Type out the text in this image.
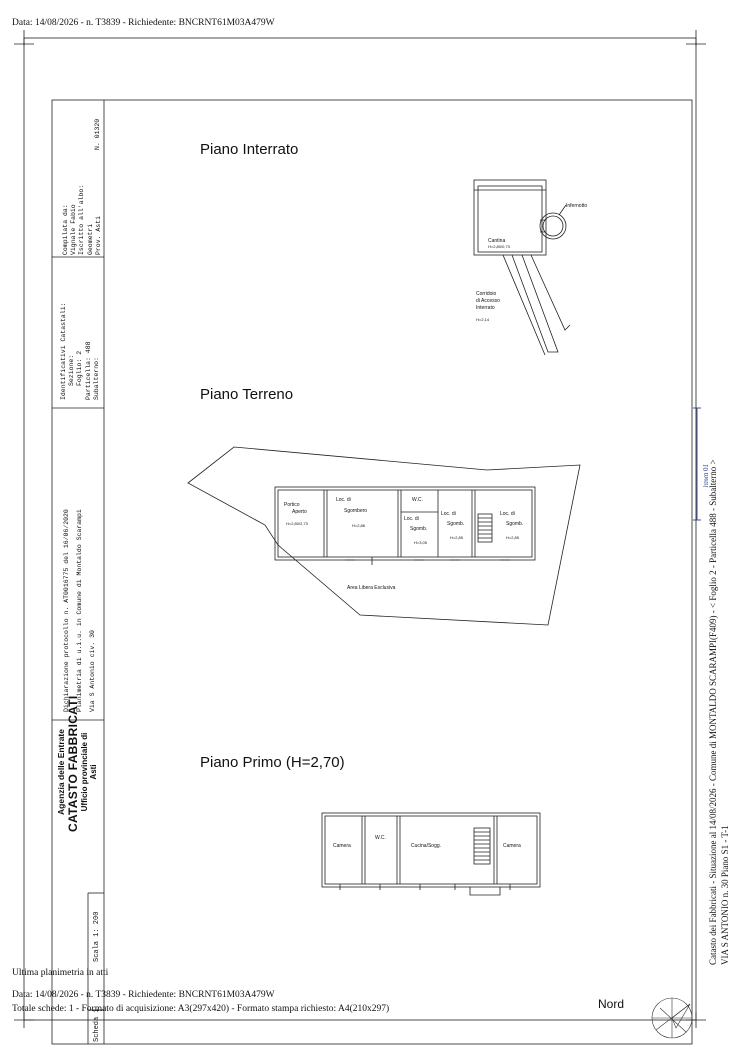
Data: 14/08/2026 - n. T3839 - Richiedente: BNCRNT61M03A479W
Compilata da: Vignale Fabio Iscritto all'albo: Geometri Prov. Asti
N. 01320
Identificativi Catastali: Sezione: Foglio: 2 Particella: 488 Subalterno:
Dichiarazione protocollo n. AT0016775 del 16/06/2020 Planimetria di u.i.u. in Comune di Montaldo Scarampi Via S Antonio civ. 30
Agenzia delle Entrate CATASTO FABBRICATI Ufficio provinciale di Asti
Scala 1: 200
Scheda 1
Piano Interrato
Piano Terreno
Piano Primo (H=2,70)
Infernotto
Cantina
H=2,80/0,73
Corridoio
di Accesso
Interrato
H=2,14
Portico
Aperto
H=2,80/2,73
Loc. di
Sgombero
H=2,86
W.C.
Loc. di
Sgomb.
H=3,05
Loc. di
Sgomb.
H=2,85
Loc. di
Sgomb.
H=2,85
Area Libera Esclusiva
Camera
W.C.
Cucina/Sogg.	Camera	Catasto dei Fabbricati - Situazione al 14/08/2026 - Comune di MONTALDO SCARAMPI(F409) - < Foglio 2 - Particella 488 - Subalterno > VIA S ANTONIO n. 30 Piano S1 - T-1
10 metri
Ultima planimetria in atti
Data: 14/08/2026 - n. T3839 - Richiedente: BNCRNT61M03A479W
Totale schede: 1 - Formato di acquisizione: A3(297x420) - Formato stampa richiesto: A4(210x297)	Nord
